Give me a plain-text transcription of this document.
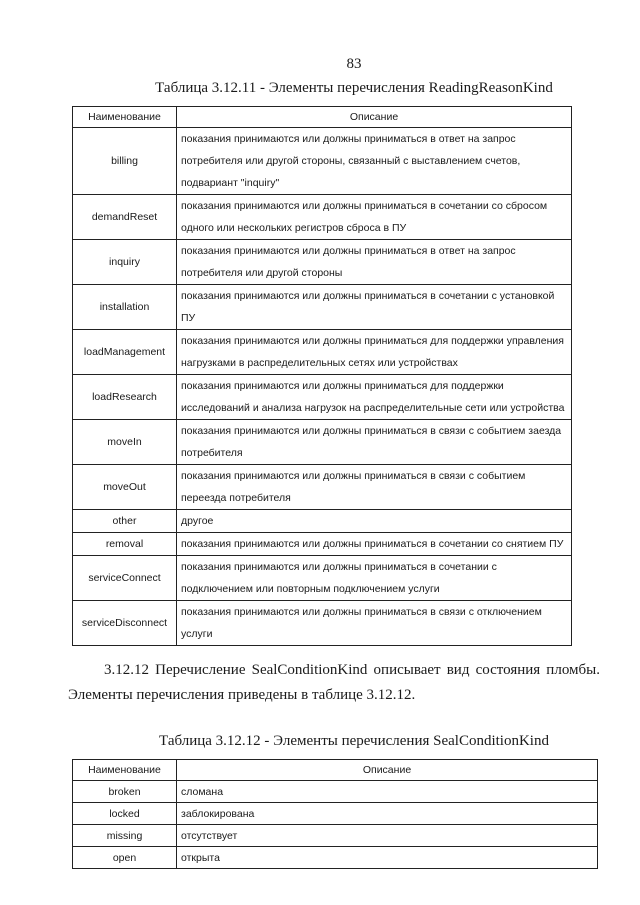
83
Таблица 3.12.11 - Элементы перечисления ReadingReasonKind
Наименование	Описание
billing	показания принимаются или должны приниматься в ответ на запрос потребителя или другой стороны, связанный с выставлением счетов, подвариант "inquiry"
demandReset	показания принимаются или должны приниматься в сочетании со сбросом одного или нескольких регистров сброса в ПУ
inquiry	показания принимаются или должны приниматься в ответ на запрос потребителя или другой стороны
installation	показания принимаются или должны приниматься в сочетании с установкой ПУ
loadManagement	показания принимаются или должны приниматься для поддержки управления нагрузками в распределительных сетях или устройствах
loadResearch	показания принимаются или должны приниматься для поддержки исследований и анализа нагрузок на распределительные сети или устройства
moveIn	показания принимаются или должны приниматься в связи с событием заезда потребителя
moveOut	показания принимаются или должны приниматься в связи с событием переезда потребителя
other	другое
removal	показания принимаются или должны приниматься в сочетании со снятием ПУ
serviceConnect	показания принимаются или должны приниматься в сочетании с подключением или повторным подключением услуги
serviceDisconnect	показания принимаются или должны приниматься в связи с отключением услуги
3.12.12 Перечисление SealConditionKind описывает вид состояния пломбы. Элементы перечисления приведены в таблице 3.12.12.
Таблица 3.12.12 - Элементы перечисления SealConditionKind
Наименование	Описание
broken	сломана
locked	заблокирована
missing	отсутствует
open	открыта
